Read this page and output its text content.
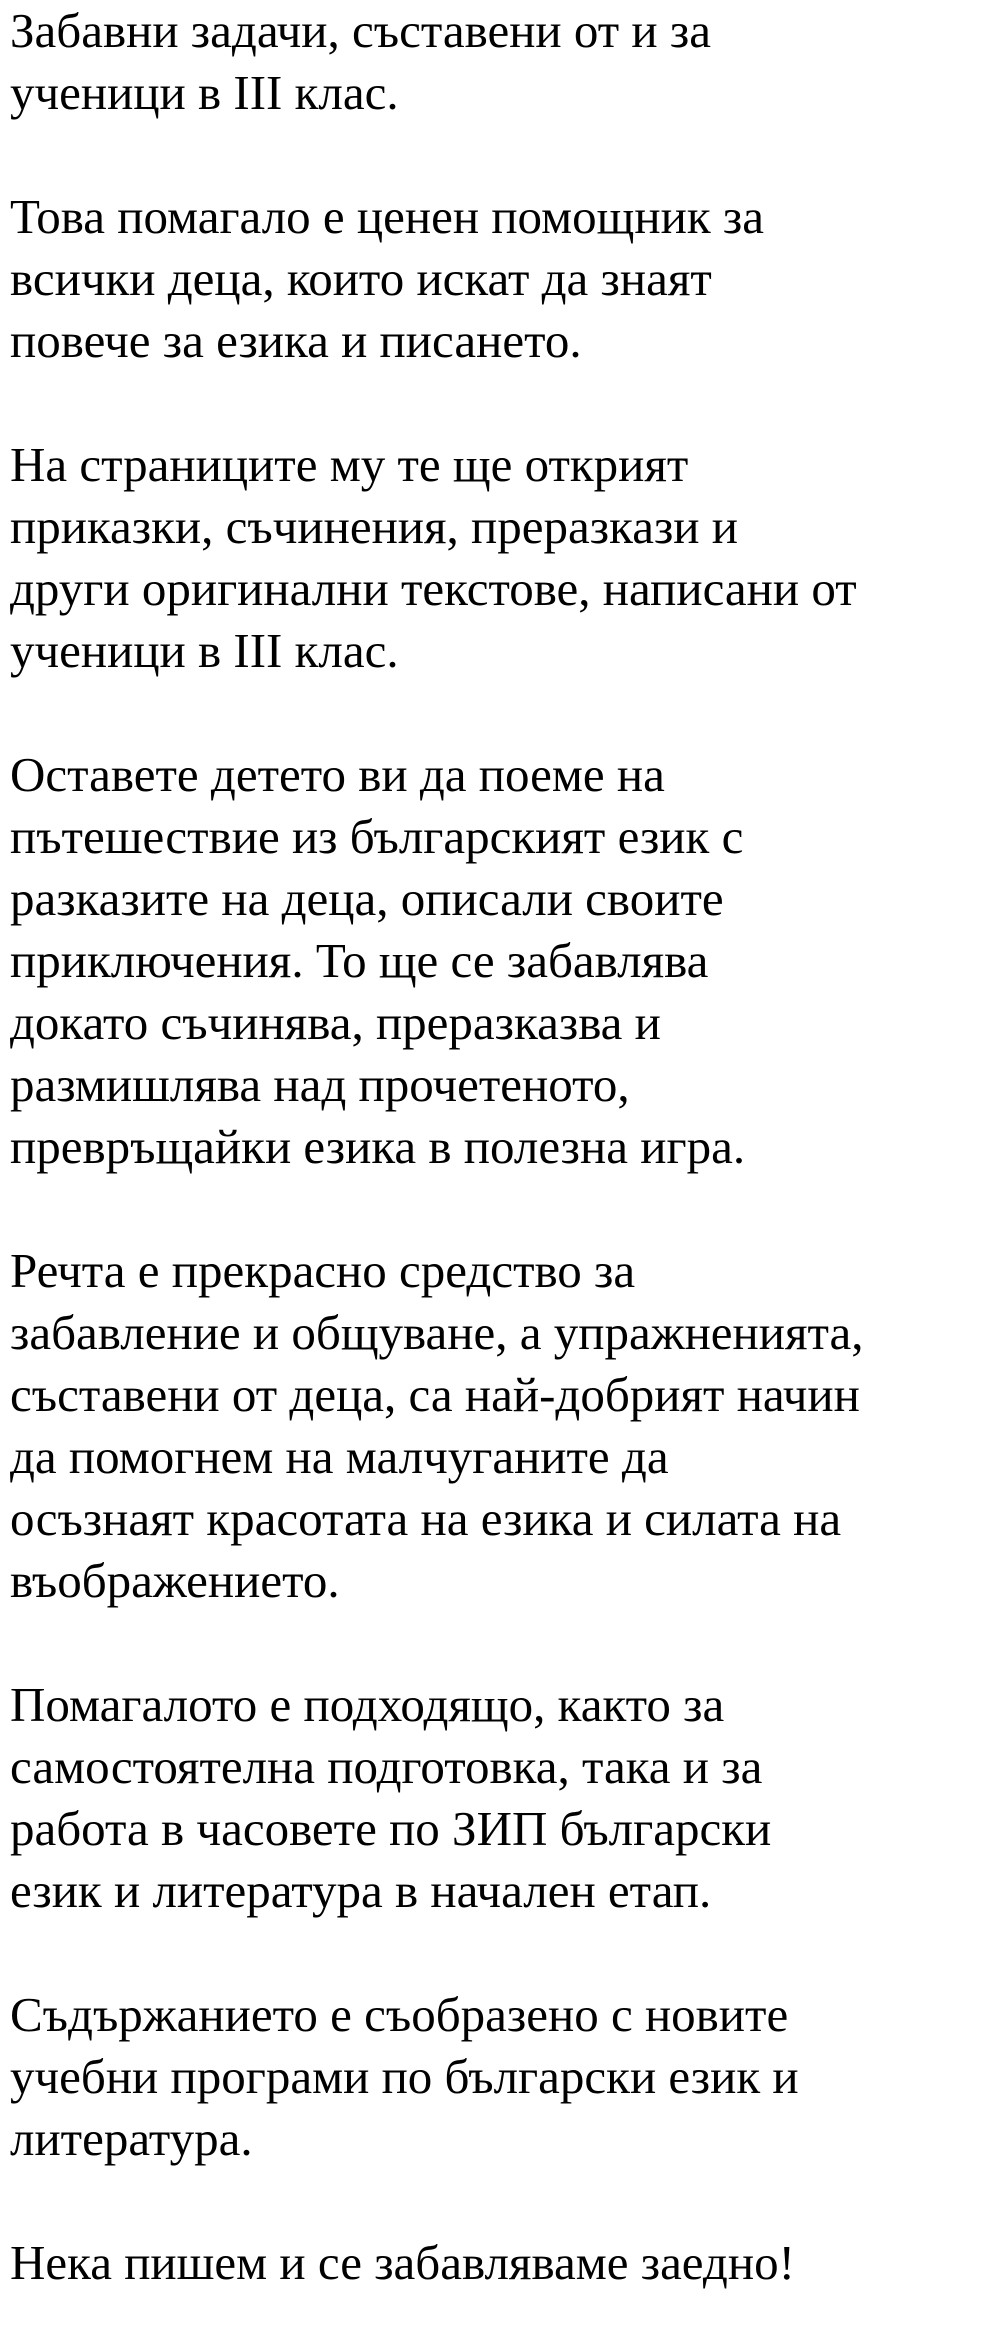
Забавни задачи, съставени от и за
ученици в III клас.
Това помагало е ценен помощник за
всички деца, които искат да знаят
повече за езика и писането.
На страниците му те ще открият
приказки, съчинения, преразкази и
други оригинални текстове, написани от
ученици в III клас.
Оставете детето ви да поеме на
пътешествие из българският език с
разказите на деца, описали своите
приключения. То ще се забавлява
докато съчинява, преразказва и
размишлява над прочетеното,
превръщайки езика в полезна игра.
Речта е прекрасно средство за
забавление и общуване, а упражненията,
съставени от деца, са най-добрият начин
да помогнем на малчуганите да
осъзнаят красотата на езика и силата на
въображението.
Помагалото е подходящо, както за
самостоятелна подготовка, така и за
работа в часовете по ЗИП български
език и литература в начален етап.
Съдържанието е съобразено с новите
учебни програми по български език и
литература.
Нека пишем и се забавляваме заедно!
